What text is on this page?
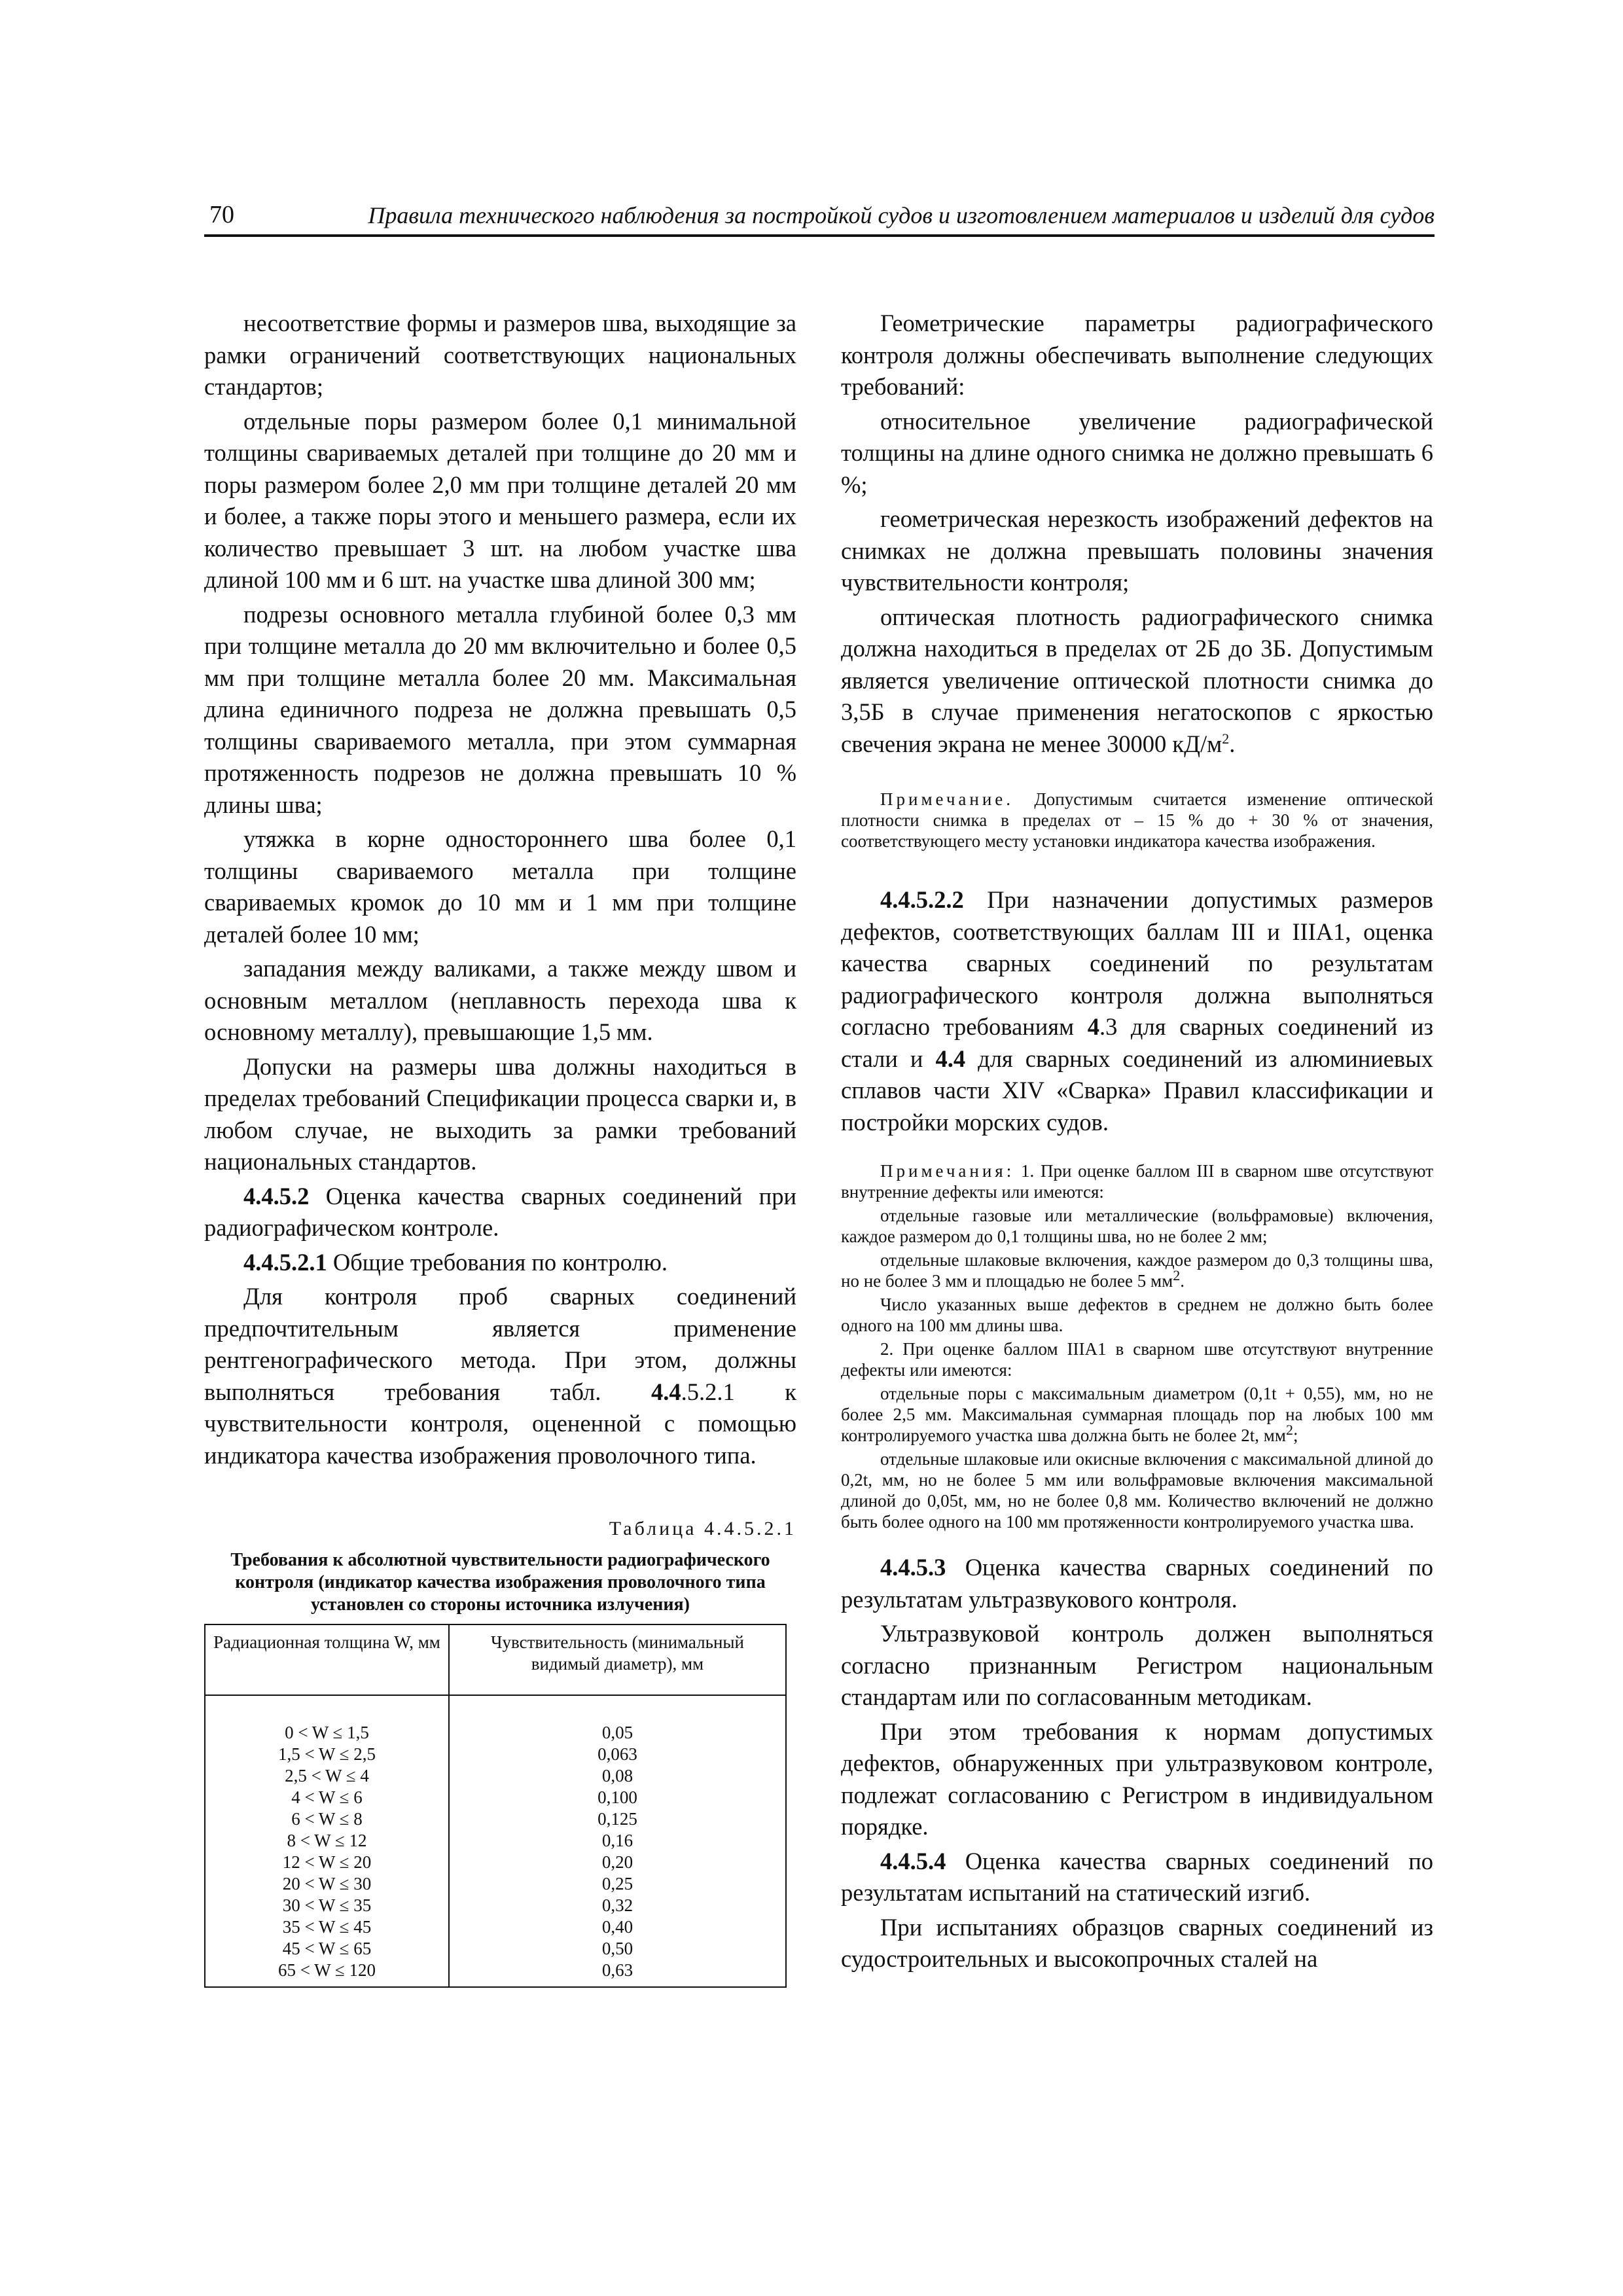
70	Правила технического наблюдения за постройкой судов и изготовлением материалов и изделий для судов

несоответствие формы и размеров шва, выходящие за рамки ограничений соответствующих национальных стандартов;

отдельные поры размером более 0,1 минимальной толщины свариваемых деталей при толщине до 20 мм и поры размером более 2,0 мм при толщине деталей 20 мм и более, а также поры этого и меньшего размера, если их количество превышает 3 шт. на любом участке шва длиной 100 мм и 6 шт. на участке шва длиной 300 мм;

подрезы основного металла глубиной более 0,3 мм при толщине металла до 20 мм включительно и более 0,5 мм при толщине металла более 20 мм. Максимальная длина единичного подреза не должна превышать 0,5 толщины свариваемого металла, при этом суммарная протяженность подрезов не должна превышать 10 % длины шва;

утяжка в корне одностороннего шва более 0,1 толщины свариваемого металла при толщине свариваемых кромок до 10 мм и 1 мм при толщине деталей более 10 мм;

западания между валиками, а также между швом и основным металлом (неплавность перехода шва к основному металлу), превышающие 1,5 мм.

Допуски на размеры шва должны находиться в пределах требований Спецификации процесса сварки и, в любом случае, не выходить за рамки требований национальных стандартов.

4.4.5.2 Оценка качества сварных соединений при радиографическом контроле.

4.4.5.2.1 Общие требования по контролю.

Для контроля проб сварных соединений предпочтительным является применение рентгенографического метода. При этом, должны выполняться требования табл. 4.4.5.2.1 к чувствительности контроля, оцененной с помощью индикатора качества изображения проволочного типа.

Таблица 4.4.5.2.1
Требования к абсолютной чувствительности радиографического контроля (индикатор качества изображения проволочного типа установлен со стороны источника излучения)
Радиационная толщина W, мм	Чувствительность (минимальный видимый диаметр), мм
0 < W ≤ 1,5	0,05
1,5 < W ≤ 2,5	0,063
2,5 < W ≤ 4	0,08
4 < W ≤ 6	0,100
6 < W ≤ 8	0,125
8 < W ≤ 12	0,16
12 < W ≤ 20	0,20
20 < W ≤ 30	0,25
30 < W ≤ 35	0,32
35 < W ≤ 45	0,40
45 < W ≤ 65	0,50
65 < W ≤ 120	0,63

Геометрические параметры радиографического контроля должны обеспечивать выполнение следующих требований:

относительное увеличение радиографической толщины на длине одного снимка не должно превышать 6 %;

геометрическая нерезкость изображений дефектов на снимках не должна превышать половины значения чувствительности контроля;

оптическая плотность радиографического снимка должна находиться в пределах от 2Б до 3Б. Допустимым является увеличение оптической плотности снимка до 3,5Б в случае применения негатоскопов с яркостью свечения экрана не менее 30000 $кД/м^2$.

Примечание. Допустимым считается изменение оптической плотности снимка в пределах от – 15 % до + 30 % от значения, соответствующего месту установки индикатора качества изображения.

4.4.5.2.2 При назначении допустимых размеров дефектов, соответствующих баллам III и IIIA1, оценка качества сварных соединений по результатам радиографического контроля должна выполняться согласно требованиям 4.3 для сварных соединений из стали и 4.4 для сварных соединений из алюминиевых сплавов части XIV «Сварка» Правил классификации и постройки морских судов.

Примечания: 1. При оценке баллом III в сварном шве отсутствуют внутренние дефекты или имеются:

отдельные газовые или металлические (вольфрамовые) включения, каждое размером до 0,1 толщины шва, но не более 2 мм;

отдельные шлаковые включения, каждое размером до 0,3 толщины шва, но не более 3 мм и площадью не более 5 $мм^2$.

Число указанных выше дефектов в среднем не должно быть более одного на 100 мм длины шва.

2. При оценке баллом IIIA1 в сварном шве отсутствуют внутренние дефекты или имеются:

отдельные поры с максимальным диаметром (0,1t + 0,55), мм, но не более 2,5 мм. Максимальная суммарная площадь пор на любых 100 мм контролируемого участка шва должна быть не более 2t, $мм^2$;

отдельные шлаковые или окисные включения с максимальной длиной до 0,2t, мм, но не более 5 мм или вольфрамовые включения максимальной длиной до 0,05t, мм, но не более 0,8 мм. Количество включений не должно быть более одного на 100 мм протяженности контролируемого участка шва.

4.4.5.3 Оценка качества сварных соединений по результатам ультразвукового контроля.

Ультразвуковой контроль должен выполняться согласно признанным Регистром национальным стандартам или по согласованным методикам.

При этом требования к нормам допустимых дефектов, обнаруженных при ультразвуковом контроле, подлежат согласованию с Регистром в индивидуальном порядке.

4.4.5.4 Оценка качества сварных соединений по результатам испытаний на статический изгиб.

При испытаниях образцов сварных соединений из судостроительных и высокопрочных сталей на
